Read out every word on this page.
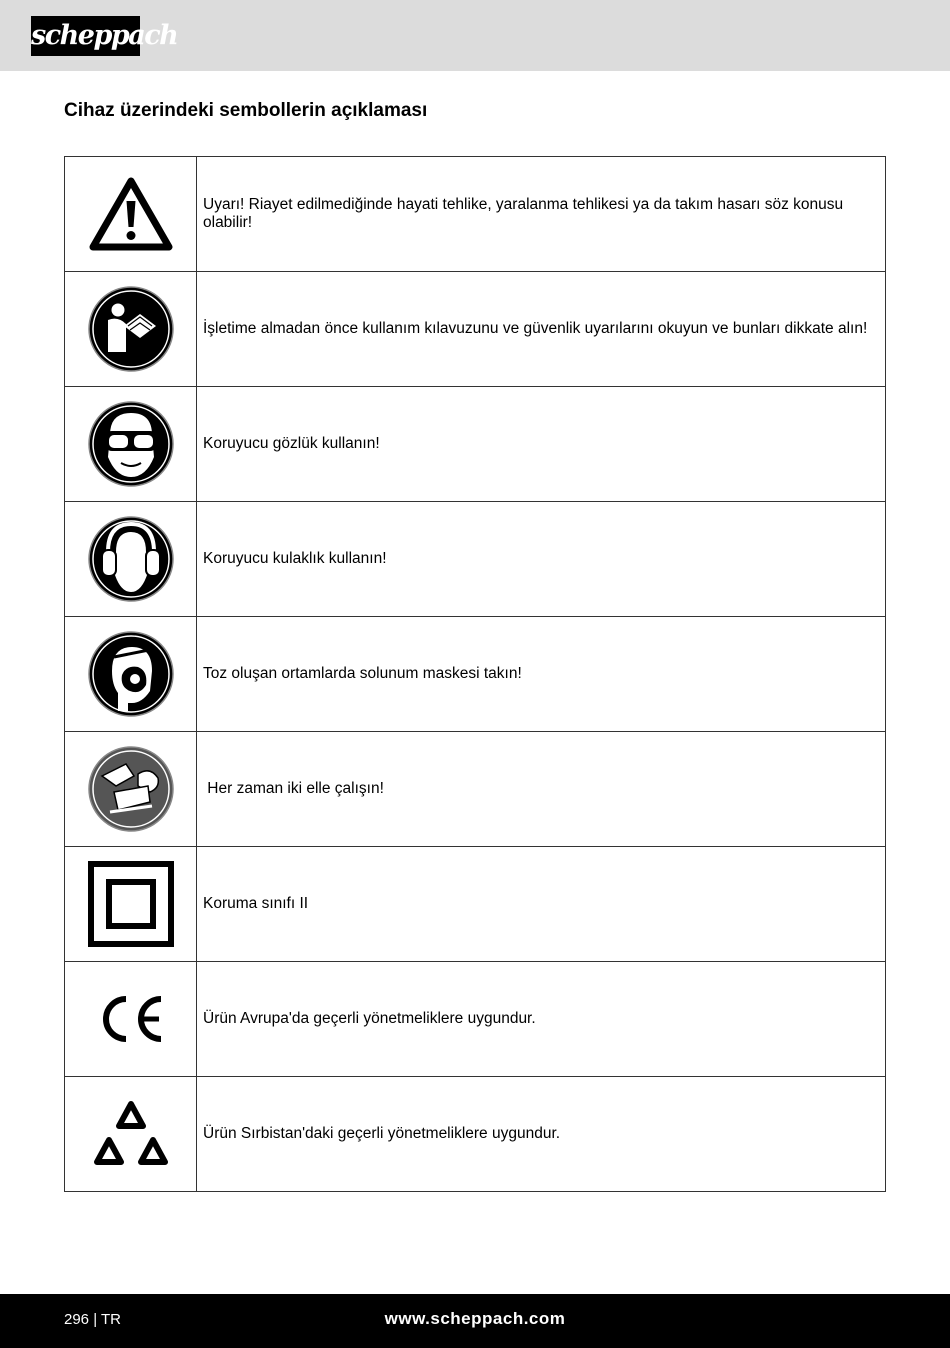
scheppach
Cihaz üzerindeki sembollerin açıklaması
	Uyarı! Riayet edilmediğinde hayati tehlike, yaralanma tehlikesi ya da takım hasarı söz konusu olabilir!

	İşletime almadan önce kullanım kılavuzunu ve güvenlik uyarılarını okuyun ve bunları dikkate alın!

	Koruyucu gözlük kullanın!

	Koruyucu kulaklık kullanın!

	Toz oluşan ortamlarda solunum maskesi takın!

	Her zaman iki elle çalışın!

	Koruma sınıfı II

	Ürün Avrupa'da geçerli yönetmeliklere uygundur.

	Ürün Sırbistan'daki geçerli yönetmeliklere uygundur.
296 | TR	www.scheppach.com
